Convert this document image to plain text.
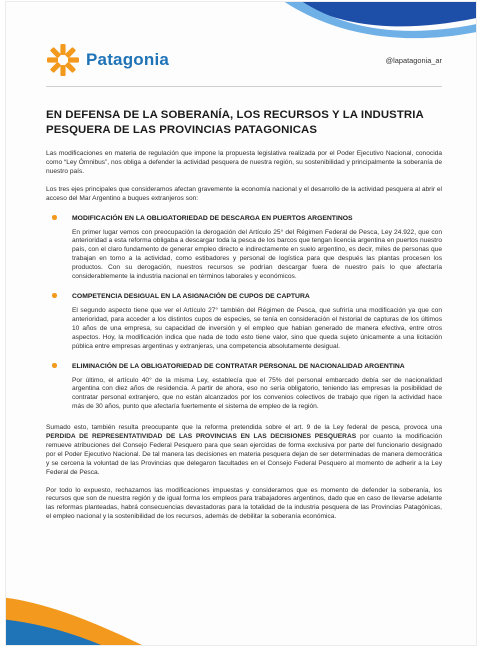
Patagonia	@lapatagonia_ar
EN DEFENSA DE LA SOBERANÍA, LOS RECURSOS Y LA INDUSTRIA PESQUERA DE LAS PROVINCIAS PATAGONICAS

Las modificaciones en materia de regulación que impone la propuesta legislativa realizada por el Poder Ejecutivo Nacional, conocida como “Ley Ómnibus”, nos obliga a defender la actividad pesquera de nuestra región, su sostenibilidad y principalmente la soberanía de nuestro país.

Los tres ejes principales que consideramos afectan gravemente la economía nacional y el desarrollo de la actividad pesquera al abrir el acceso del Mar Argentino a buques extranjeros son:

MODIFICACIÓN EN LA OBLIGATORIEDAD DE DESCARGA EN PUERTOS ARGENTINOS

En primer lugar vemos con preocupación la derogación del Artículo 25° del Régimen Federal de Pesca, Ley 24.922, que con anterioridad a esta reforma obligaba a descargar toda la pesca de los barcos que tengan licencia argentina en puertos nuestro país, con el claro fundamento de generar empleo directo e indirectamente en suelo argentino, es decir, miles de personas que trabajan en torno a la actividad, como estibadores y personal de logística para que después las plantas procesen los productos. Con su derogación, nuestros recursos se podrían descargar fuera de nuestro país lo que afectaría considerablemente la industria nacional en términos laborales y económicos.

COMPETENCIA DESIGUAL EN LA ASIGNACIÓN DE CUPOS DE CAPTURA

El segundo aspecto tiene que ver el Artículo 27° también del Régimen de Pesca, que sufriría una modificación ya que con anterioridad, para acceder a los distintos cupos de especies, se tenía en consideración el historial de capturas de los últimos 10 años de una empresa, su capacidad de inversión y el empleo que habían generado de manera efectiva, entre otros aspectos. Hoy, la modificación indica que nada de todo esto tiene valor, sino que queda sujeto únicamente a una licitación pública entre empresas argentinas y extranjeras, una competencia absolutamente desigual.

ELIMINACIÓN DE LA OBLIGATORIEDAD DE CONTRATAR PERSONAL DE NACIONALIDAD ARGENTINA

Por último, el artículo 40° de la misma Ley, establecía que el 75% del personal embarcado debía ser de nacionalidad argentina con diez años de residencia. A partir de ahora, eso no sería obligatorio, teniendo las empresas la posibilidad de contratar personal extranjero, que no están alcanzados por los convenios colectivos de trabajo que rigen la actividad hace más de 30 años, punto que afectaría fuertemente el sistema de empleo de la región.

Sumado esto, también resulta preocupante que la reforma pretendida sobre el art. 9 de la Ley federal de pesca, provoca una PERDIDA DE REPRESENTATIVIDAD DE LAS PROVINCIAS EN LAS DECISIONES PESQUERAS por cuanto la modificación remueve atribuciones del Consejo Federal Pesquero para que sean ejercidas de forma exclusiva por parte del funcionario designado por el Poder Ejecutivo Nacional. De tal manera las decisiones en materia pesquera dejan de ser determinadas de manera democrática y se cercena la voluntad de las Provincias que delegaron facultades en el Consejo Federal Pesquero al momento de adherir a la Ley Federal de Pesca.

Por todo lo expuesto, rechazamos las modificaciones impuestas y consideramos que es momento de defender la soberanía, los recursos que son de nuestra región y de igual forma los empleos para trabajadores argentinos, dado que en caso de llevarse adelante las reformas planteadas, habrá consecuencias devastadoras para la totalidad de la industria pesquera de las Provincias Patagónicas, el empleo nacional y la sostenibilidad de los recursos, además de debilitar la soberanía económica.
